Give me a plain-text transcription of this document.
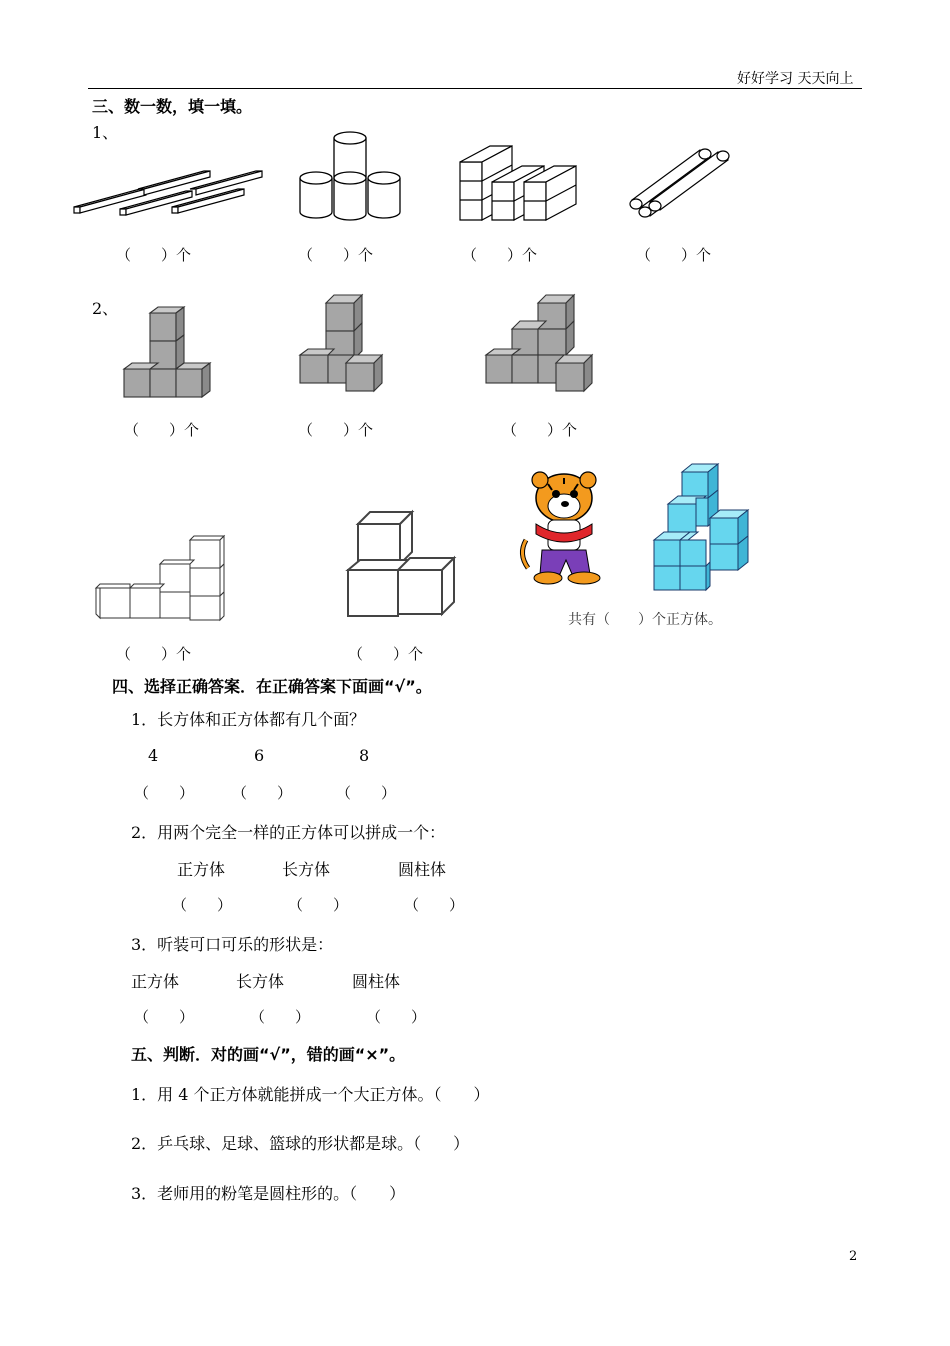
好好学习 天天向上
三、数一数，填一填。
1、
（　　）个	（　　）个	（　　）个	（　　）个
2、
（　　）个	（　　）个	（　　）个
共有（　　）个正方体。
（　　）个	（　　）个
四、选择正确答案．在正确答案下面画“√”。
1．长方体和正方体都有几个面？
4	6	8
（　　）	（　　）	（　　）
2．用两个完全一样的正方体可以拼成一个：
正方体	长方体	圆柱体
（　　）	（　　）	（　　）
3．听装可口可乐的形状是：
正方体	长方体	圆柱体
（　　）	（　　）	（　　）
五、判断．对的画“√”，错的画“×”。
1．用 4 个正方体就能拼成一个大正方体。（　　）
2．乒乓球、足球、篮球的形状都是球。（　　）
3．老师用的粉笔是圆柱形的。（　　）
2
